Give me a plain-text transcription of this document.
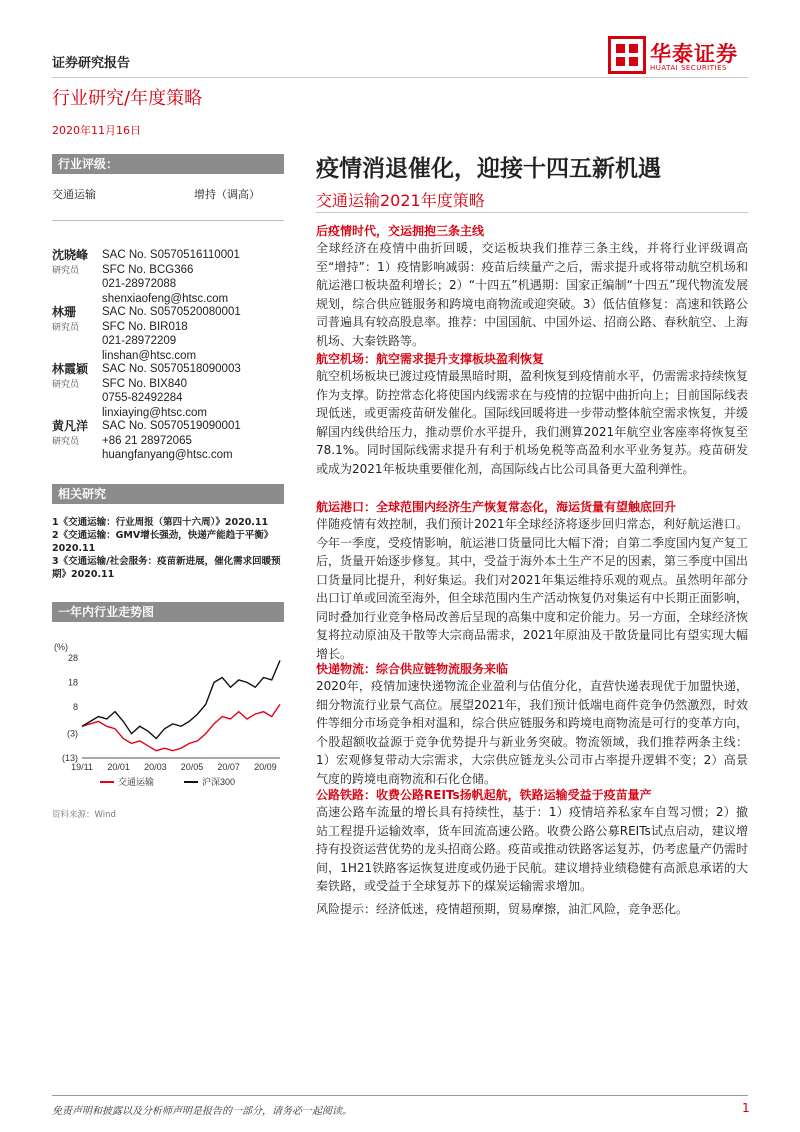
证券研究报告
行业研究/年度策略
2020年11月16日
华泰证券
HUATAI SECURITIES
行业评级：
交通运输	增持（调高）
沈晓峰
研究员
SAC No. S0570516110001
SFC No. BCG366
021-28972088
shenxiaofeng@htsc.com
林珊
研究员
SAC No. S0570520080001
SFC No. BIR018
021-28972209
linshan@htsc.com
林霞颖
研究员
SAC No. S0570518090003
SFC No. BIX840
0755-82492284
linxiaying@htsc.com
黄凡洋
研究员
SAC No. S0570519090001
+86 21 28972065
huangfanyang@htsc.com
相关研究
1《交通运输：行业周报（第四十六周）》2020.11
2《交通运输：GMV增长强劲，快递产能趋于平衡》2020.11
3《交通运输/社会服务：疫苗新进展，催化需求回暖预期》2020.11
一年内行业走势图
(%)
28
18
8
(3)
(13)
19/11 20/01 20/03 20/05 20/07 20/09
交通运输	沪深300
资料来源：Wind
疫情消退催化，迎接十四五新机遇
交通运输2021年度策略
后疫情时代，交运拥抱三条主线
全球经济在疫情中曲折回暖，交运板块我们推荐三条主线，并将行业评级调高至“增持”：1）疫情影响减弱：疫苗后续量产之后，需求提升或将带动航空机场和航运港口板块盈利增长；2）“十四五”机遇期：国家正编制“十四五”现代物流发展规划，综合供应链服务和跨境电商物流或迎突破。3）低估值修复：高速和铁路公司普遍具有较高股息率。推荐：中国国航、中国外运、招商公路、春秋航空、上海机场、大秦铁路等。
航空机场：航空需求提升支撑板块盈利恢复
航空机场板块已渡过疫情最黑暗时期，盈利恢复到疫情前水平，仍需需求持续恢复作为支撑。防控常态化将使国内线需求在与疫情的拉锯中曲折向上；目前国际线表现低迷，或更需疫苗研发催化。国际线回暖将进一步带动整体航空需求恢复，并缓解国内线供给压力，推动票价水平提升，我们测算2021年航空业客座率将恢复至78.1%。同时国际线需求提升有利于机场免税等高盈利水平业务复苏。疫苗研发或成为2021年板块重要催化剂，高国际线占比公司具备更大盈利弹性。
航运港口：全球范围内经济生产恢复常态化，海运货量有望触底回升
伴随疫情有效控制，我们预计2021年全球经济将逐步回归常态，利好航运港口。今年一季度，受疫情影响，航运港口货量同比大幅下滑；自第二季度国内复产复工后，货量开始逐步修复。其中，受益于海外本土生产不足的因素，第三季度中国出口货量同比提升，利好集运。我们对2021年集运维持乐观的观点。虽然明年部分出口订单或回流至海外，但全球范围内生产活动恢复仍对集运有中长期正面影响，同时叠加行业竞争格局改善后呈现的高集中度和定价能力。另一方面，全球经济恢复将拉动原油及干散等大宗商品需求，2021年原油及干散货量同比有望实现大幅增长。
快递物流：综合供应链物流服务来临
2020年，疫情加速快递物流企业盈利与估值分化，直营快递表现优于加盟快递，细分物流行业景气高位。展望2021年，我们预计低端电商件竞争仍然激烈，时效件等细分市场竞争相对温和，综合供应链服务和跨境电商物流是可行的变革方向，个股超额收益源于竞争优势提升与新业务突破。物流领域，我们推荐两条主线：1）宏观修复带动大宗需求，大宗供应链龙头公司市占率提升逻辑不变；2）高景气度的跨境电商物流和石化仓储。
公路铁路：收费公路REITs扬帆起航，铁路运输受益于疫苗量产
高速公路车流量的增长具有持续性，基于：1）疫情培养私家车自驾习惯；2）撤站工程提升运输效率，货车回流高速公路。收费公路公募REITs试点启动，建议增持有投资运营优势的龙头招商公路。疫苗或推动铁路客运复苏，仍考虑量产仍需时间，1H21铁路客运恢复进度或仍逊于民航。建议增持业绩稳健有高派息承诺的大秦铁路，或受益于全球复苏下的煤炭运输需求增加。
风险提示：经济低迷，疫情超预期，贸易摩擦，油汇风险，竞争恶化。
免责声明和披露以及分析师声明是报告的一部分，请务必一起阅读。	1
